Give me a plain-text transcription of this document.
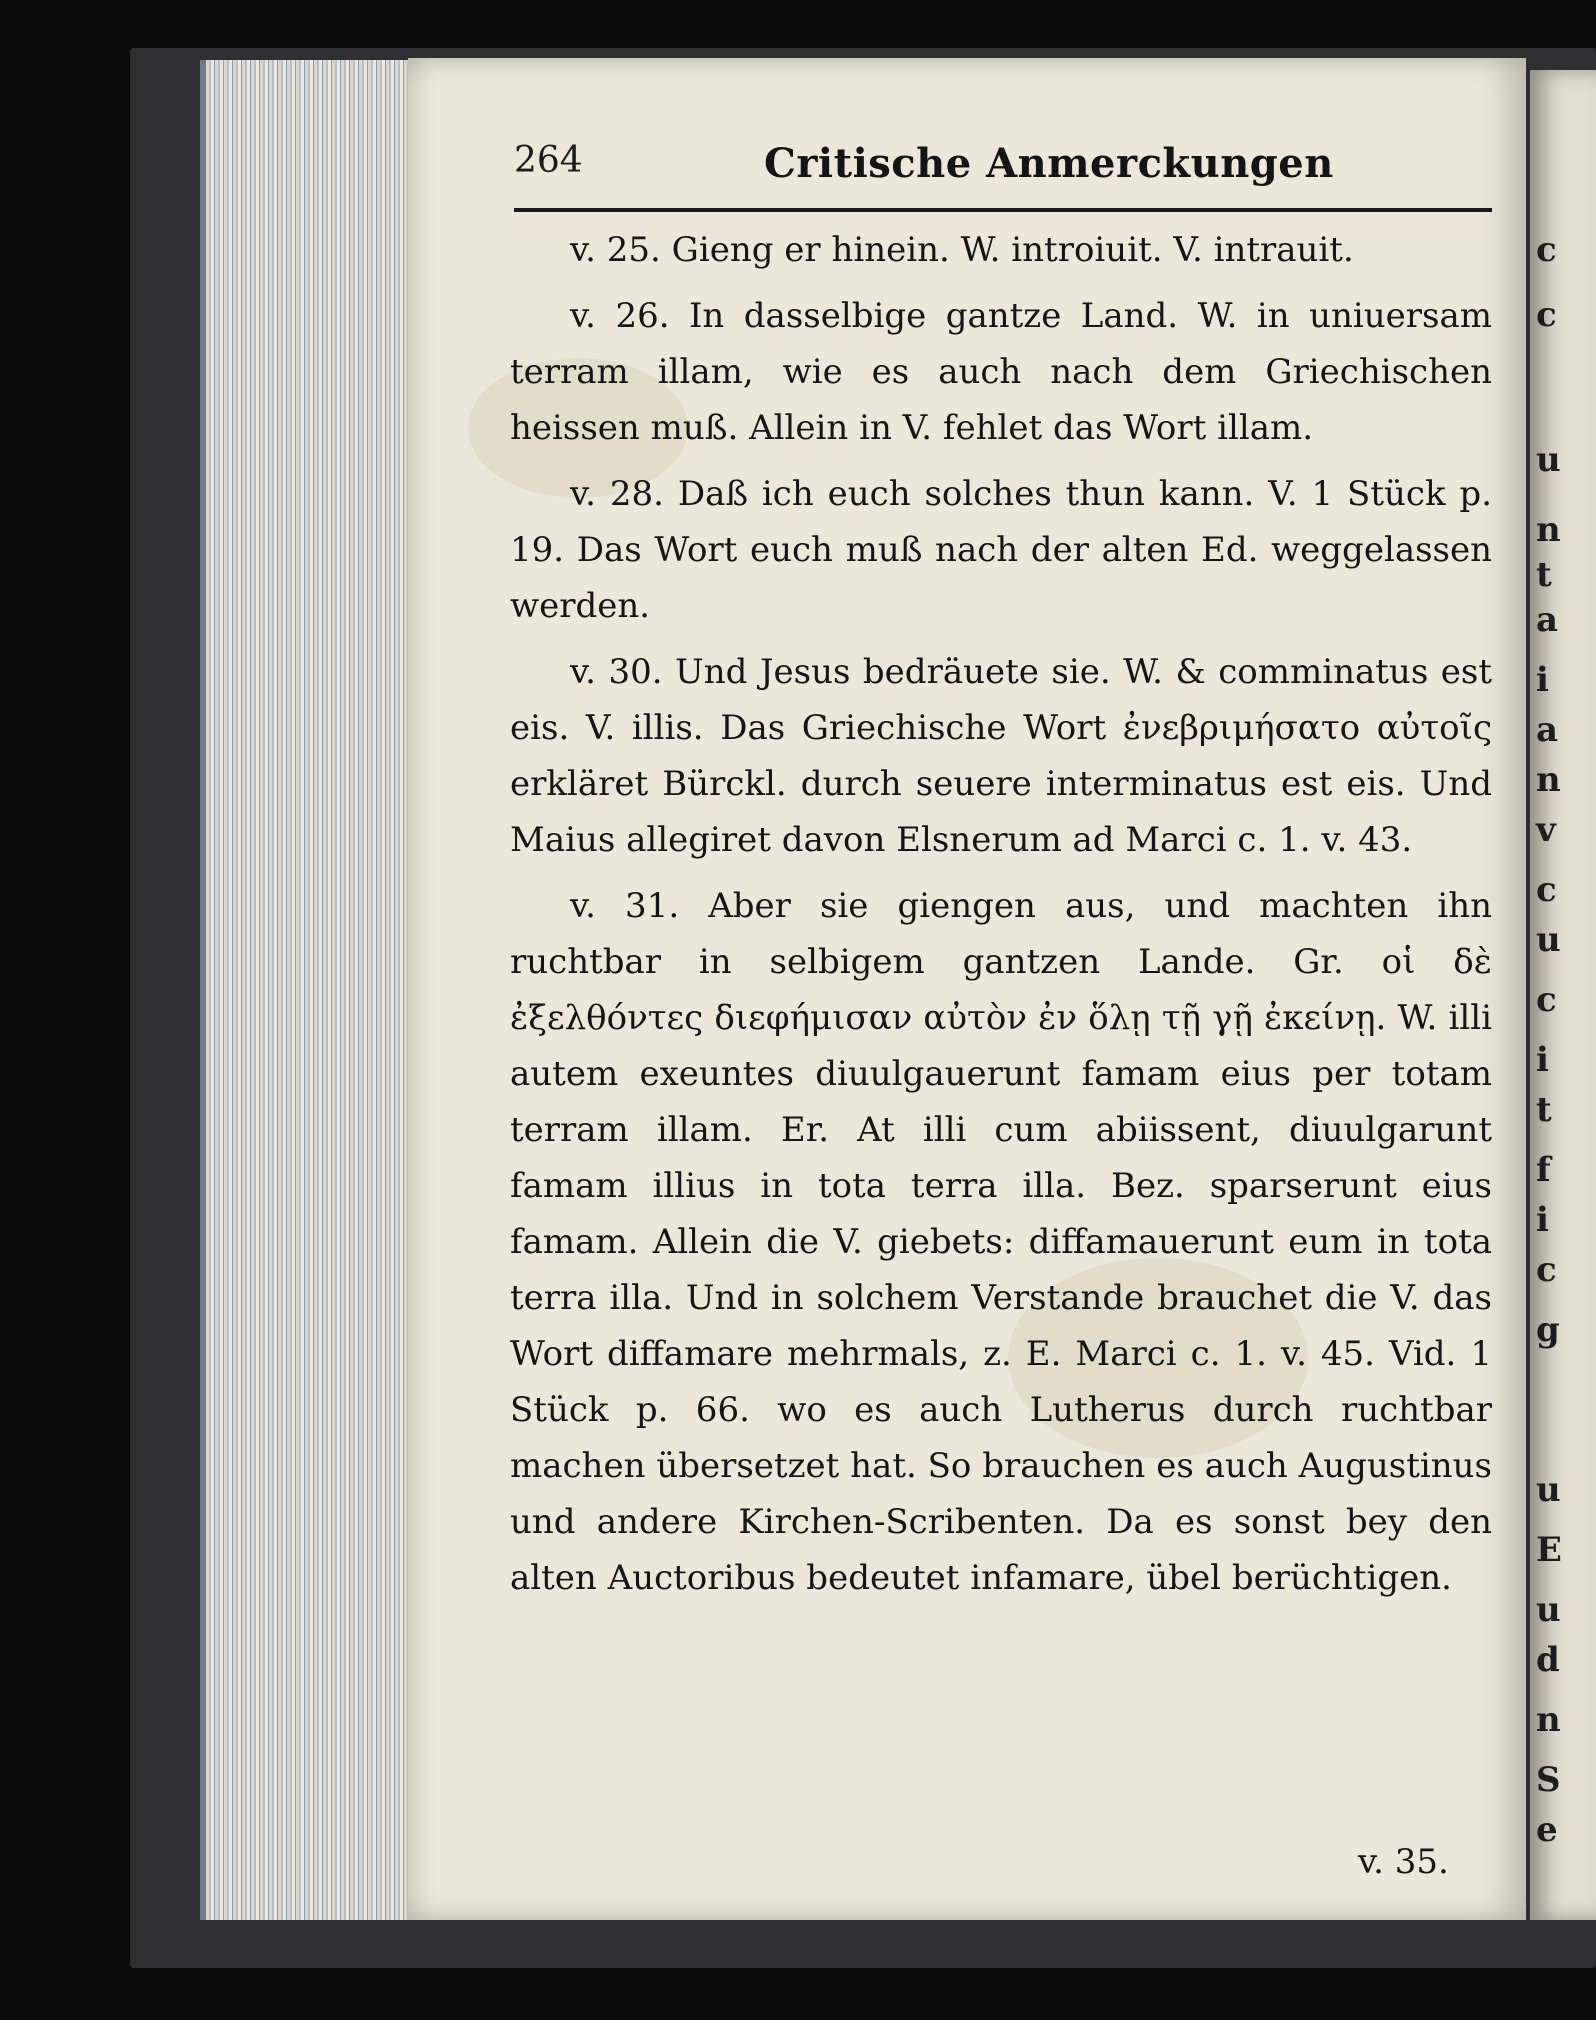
c
c
u
n
t
a
i
a
n
v
c
u
c
i
t
f
i
c
g
u
E
u
d
n
S
e
264	Critische Anmerckungen

v. 25. Gieng er hinein. W. introiuit. V. intrauit.

v. 26. In dasselbige gantze Land. W. in uniuersam terram illam, wie es auch nach dem Griechischen heissen muß. Allein in V. fehlet das Wort illam.

v. 28. Daß ich euch solches thun kann. V. 1 Stück p. 19. Das Wort euch muß nach der alten Ed. weggelassen werden.

v. 30. Und Jesus bedräuete sie. W. & comminatus est eis. V. illis. Das Griechische Wort ἐνεβριμήσατο αὐτοῖς erkläret Bürckl. durch seuere interminatus est eis. Und Maius allegiret davon Elsnerum ad Marci c. 1. v. 43.

v. 31. Aber sie giengen aus, und machten ihn ruchtbar in selbigem gantzen Lande. Gr. οἱ δὲ ἐξελθόντες διεφήμισαν αὐτὸν ἐν ὅλῃ τῇ γῇ ἐκείνῃ. W. illi autem exeuntes diuulgauerunt famam eius per totam terram illam. Er. At illi cum abiissent, diuulgarunt famam illius in tota terra illa. Bez. sparserunt eius famam. Allein die V. giebets: diffamauerunt eum in tota terra illa. Und in solchem Verstande brauchet die V. das Wort diffamare mehrmals, z. E. Marci c. 1. v. 45. Vid. 1 Stück p. 66. wo es auch Lutherus durch ruchtbar machen übersetzet hat. So brauchen es auch Augustinus und andere Kirchen-Scribenten. Da es sonst bey den alten Auctoribus bedeutet infamare, übel berüchtigen.

v. 35.
